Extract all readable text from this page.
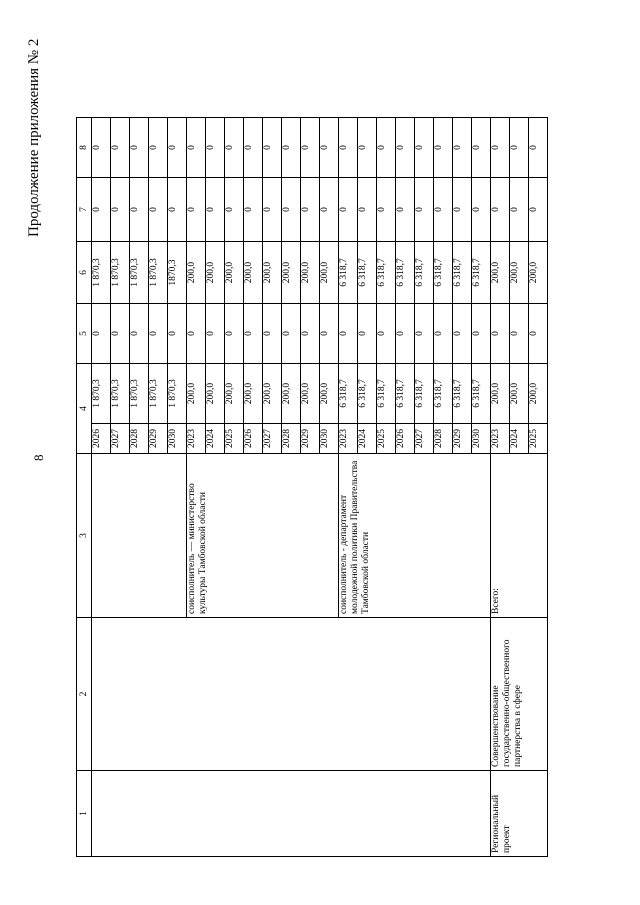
8
Продолжение приложения № 2
1	2	3	4		5	6	7	8
			2026	1 870,3	0	1 870,3	0	0
			2027	1 870,3	0	1 870,3	0	0
			2028	1 870,3	0	1 870,3	0	0
			2029	1 870,3	0	1 870,3	0	0
			2030	1 870,3	0	1870,3	0	0
		соисполнитель — министерство культуры Тамбовской области	2023	200,0	0	200,0	0	0
			2024	200,0	0	200,0	0	0
			2025	200,0	0	200,0	0	0
			2026	200,0	0	200,0	0	0
			2027	200,0	0	200,0	0	0
			2028	200,0	0	200,0	0	0
			2029	200,0	0	200,0	0	0
			2030	200,0	0	200,0	0	0
		соисполнитель - департамент молодежной политики Правительства Тамбовской области	2023	6 318,7	0	6 318,7	0	0
			2024	6 318,7	0	6 318,7	0	0
			2025	6 318,7	0	6 318,7	0	0
			2026	6 318,7	0	6 318,7	0	0
			2027	6 318,7	0	6 318,7	0	0
			2028	6 318,7	0	6 318,7	0	0
			2029	6 318,7	0	6 318,7	0	0
			2030	6 318,7	0	6 318,7	0	0
Региональный проект	Совершенствование государственно-общественного партнерства в сфере	Всего:	2023	200,0	0	200,0	0	0
			2024	200,0	0	200,0	0	0
			2025	200,0	0	200,0	0	0
